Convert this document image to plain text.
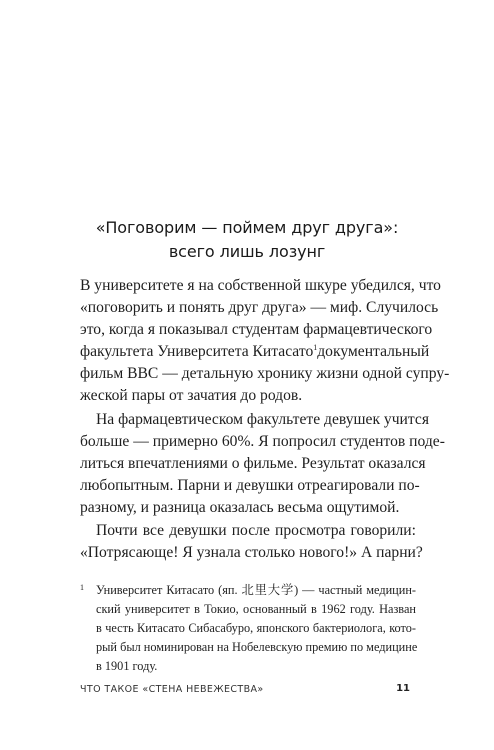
«Поговорим — поймем друг друга»:
всего лишь лозунг
В университете я на собственной шкуре убедился, что
«поговорить и понять друг друга» — миф. Случилось
это, когда я показывал студентам фармацевтического
факультета Университета Китасато$^1$ документальный
фильм BBC — детальную хронику жизни одной супру-
жеской пары от зачатия до родов.
На фармацевтическом факультете девушек учится
больше — примерно 60%. Я попросил студентов поде-
литься впечатлениями о фильме. Результат оказался
любопытным. Парни и девушки отреагировали по-
разному, и разница оказалась весьма ощутимой.
Почти все девушки после просмотра говорили:
«Потрясающе! Я узнала столько нового!» А парни?
1 Университет Китасато (яп. 北里大学) — частный медицин-
ский университет в Токио, основанный в 1962 году. Назван
в честь Китасато Сибасабуро, японского бактериолога, кото-
рый был номинирован на Нобелевскую премию по медицине
в 1901 году.
ЧТО ТАКОЕ «СТЕНА НЕВЕЖЕСТВА»	11
